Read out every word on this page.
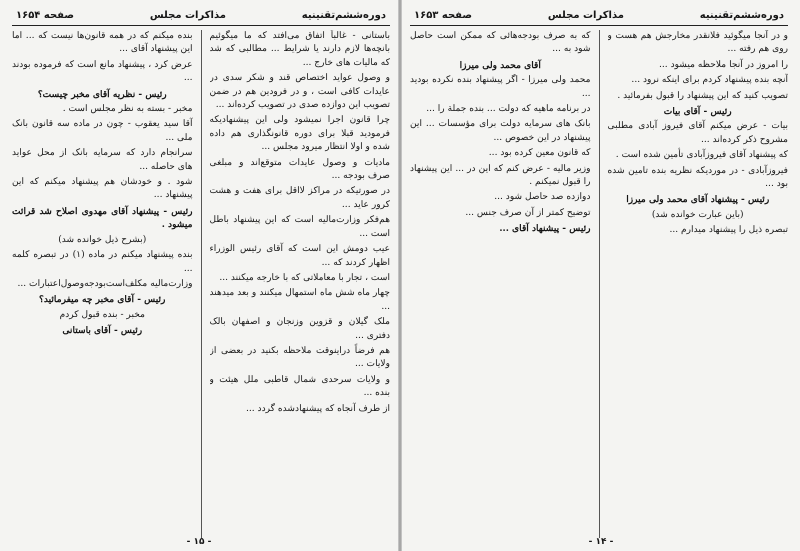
دوره‌ششم‌تقنینیه
مذاکرات مجلس
صفحه ۱۶۵۴

باستانی - غالباً اتفاق می‌افتد که ما میگوئیم بانچه‌ها لازم دارند یا شرایط ... مطالبی که شد که مالیات های خارج ...

و وصول عواید اختصاص قند و شکر سدی در عایدات کافی است ، و در فرودین هم در ضمن تصویب این دوازده صدی در تصویب کرده‌اند ...

چرا قانون اجرا نمیشود ولی این پیشنهادیکه فرمودید قبلا برای دوره قانونگذاری هم داده شده و اولا انتظار میرود مجلس ...

مادیات و وصول عایدات متوقع‌اند و مبلغی صرف بودجه ...

در صورتیکه در مراکز لااقل برای هفت و هشت کرور عاید ...

هم‌فکر وزارت‌مالیه است که این پیشنهاد باطل است ...

عیب دومش این است که آقای رئیس الوزراء اظهار کردند که ...

است ، تجار با معاملاتی که با خارجه میکنند ...

چهار ماه شش ماه استمهال میکنند و بعد میدهند ...

ملک گیلان و قزوین وزنجان و اصفهان بالک دفتری ...

هم فرضاً دراینوقت ملاحظه بکنید در بعضی از ولایات ...

و ولایات سرحدی شمال قاطبی ملل هیئت و بنده ...

از طرف آنجاه که پیشنهادشده گردد ...

بنده میکنم که در همه قانون‌ها نیست که ... اما این پیشنهاد آقای ...

عرض کرد ، پیشنهاد مانع است که فرموده بودند ...

رئیس - نظریه آقای مخبر چیست؟

مخبر - بسته به نظر مجلس است .

آقا سید یعقوب - چون در ماده سه قانون بانک ملی ...

سرانجام دارد که سرمایه بانک از محل عواید های حاصله ...

شود . و خودشان هم پیشنهاد میکنم که این پیشنهاد ...

رئیس - پیشنهاد آقای مهدوی اصلاح شد قرائت میشود .

(بشرح ذیل خوانده شد)

بنده پیشنهاد میکنم در ماده (۱) در تبصره کلمه ...

وزارت‌مالیه مکلف‌است‌بودجه‌وصول‌اعتبارات ...

رئیس - آقای مخبر چه میفرمائید؟

مخبر - بنده قبول کردم

رئیس - آقای باستانی

- ۱۵ -
دوره‌ششم‌تقنینیه
مذاکرات مجلس
صفحه ۱۶۵۳

و در آنجا میگوئید فلانقدر مخارجش هم هست و روی هم رفته ...

را امروز در آنجا ملاحظه میشود ...

آنچه بنده پیشنهاد کردم برای اینکه نرود ...

تصویب کنید که این پیشنهاد را قبول بفرمائید .

رئیس - آقای بیات

بیات - عرض میکنم آقای فیروز آبادی مطلبی مشروح ذکر کرده‌اند ...

که پیشنهاد آقای فیروزآبادی تأمین شده است .

فیروزآبادی - در موردیکه نظریه بنده تامین شده بود ...

رئیس - پیشنهاد آقای محمد ولی میرزا

(باین عبارت خوانده شد)

تبصره ذیل را پیشنهاد میدارم ...

که به صرف بودجه‌هائی که ممکن است حاصل شود به ...

آقای محمد ولی میرزا

محمد ولی میرزا - اگر پیشنهاد بنده نکرده بودید ...

در برنامه ماهیه که دولت ... بنده جملة را ...

بانک های سرمایه دولت برای مؤسسات ... این پیشنهاد در این خصوص ...

که قانون معین کرده بود ...

وزیر مالیه - عرض کنم که این در ... این پیشنهاد را قبول نمیکنم .

دوازده صد حاصل شود ...

توضیح کمتر از آن صرف جنس ...

رئیس - پیشنهاد آقای ...

- ۱۴ -
